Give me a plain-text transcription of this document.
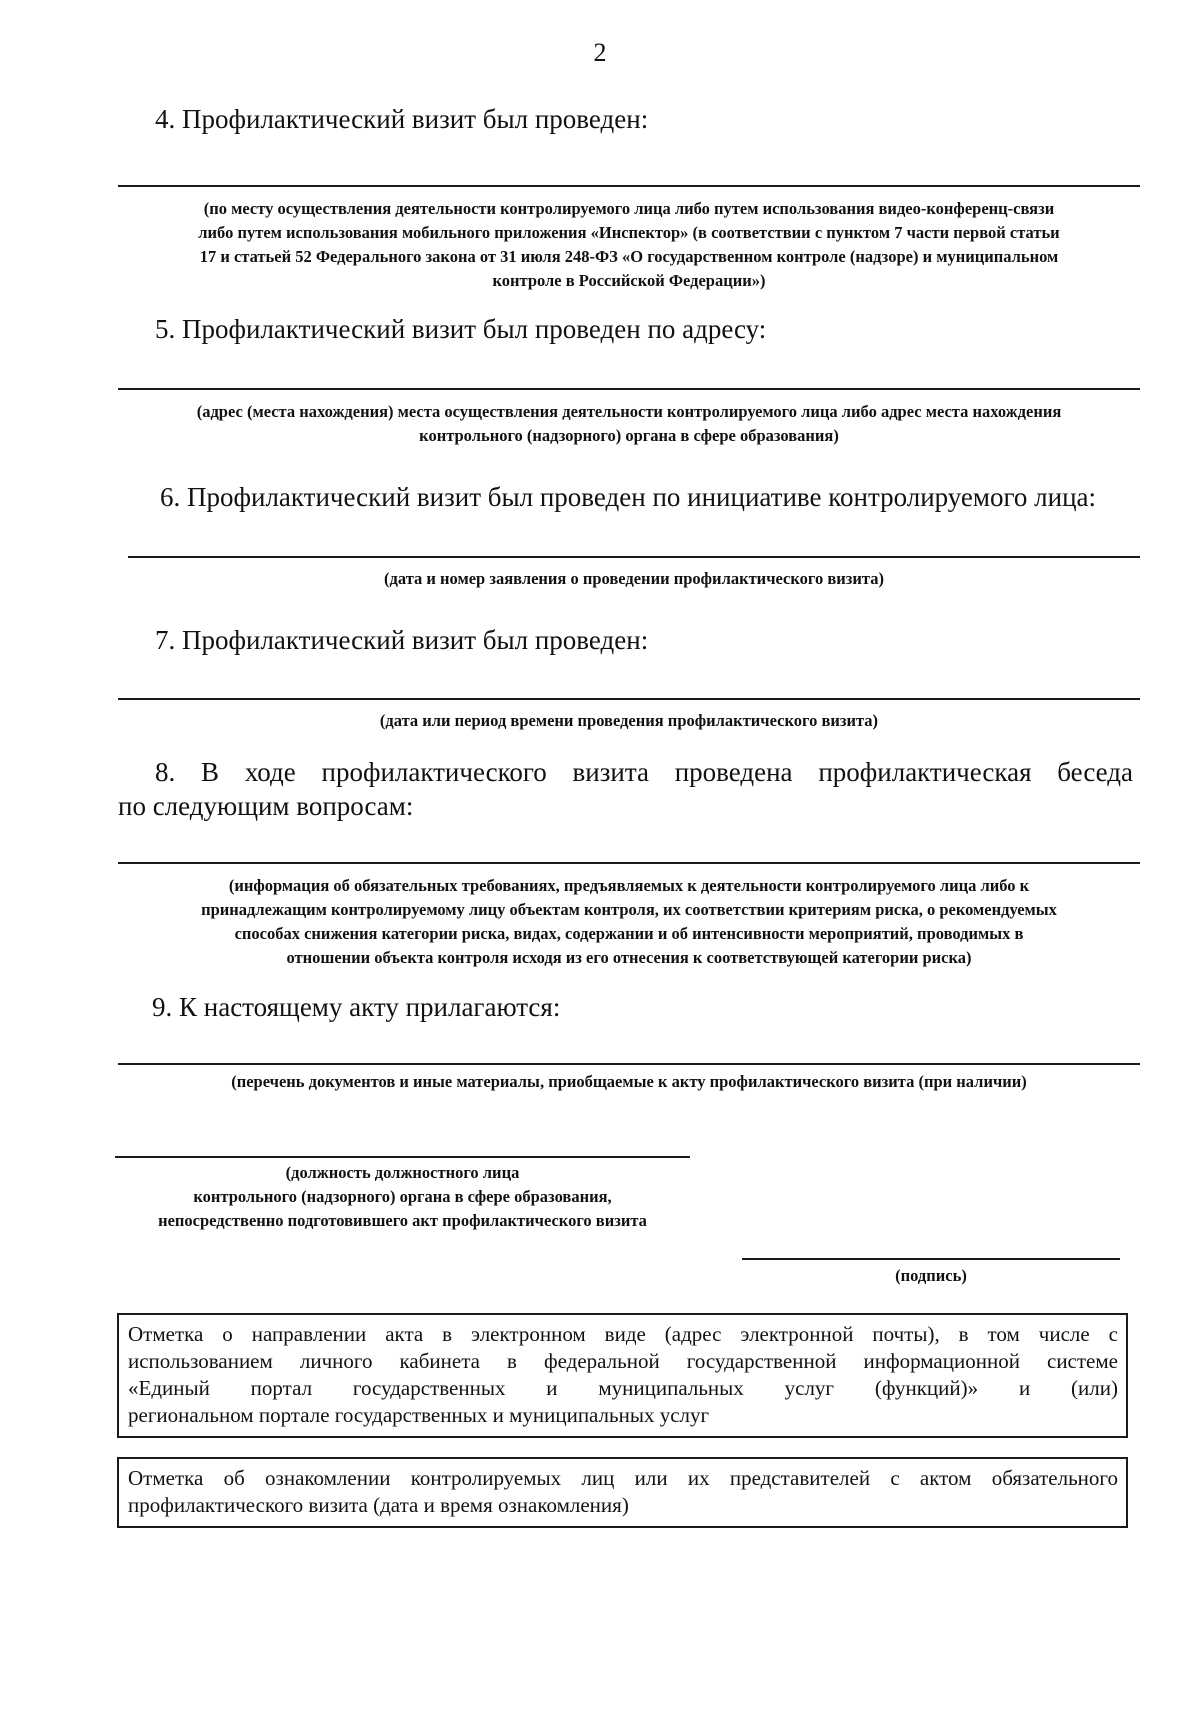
2
4. Профилактический визит был проведен:
(по месту осуществления деятельности контролируемого лица либо путем использования видео-конференц-связи
либо путем использования мобильного приложения «Инспектор» (в соответствии с пунктом 7 части первой статьи
17 и статьей 52 Федерального закона от 31 июля 248-ФЗ «О государственном контроле (надзоре) и муниципальном
контроле в Российской Федерации»)
5. Профилактический визит был проведен по адресу:
(адрес (места нахождения) места осуществления деятельности контролируемого лица либо адрес места нахождения
контрольного (надзорного) органа в сфере образования)
6. Профилактический визит был проведен по инициативе контролируемого лица:
(дата и номер заявления о проведении профилактического визита)
7. Профилактический визит был проведен:
(дата или период времени проведения профилактического визита)
8. В ходе профилактического визита проведена профилактическая беседа
по следующим вопросам:
(информация об обязательных требованиях, предъявляемых к деятельности контролируемого лица либо к
принадлежащим контролируемому лицу объектам контроля, их соответствии критериям риска, о рекомендуемых
способах снижения категории риска, видах, содержании и об интенсивности мероприятий, проводимых в
отношении объекта контроля исходя из его отнесения к соответствующей категории риска)
9. К настоящему акту прилагаются:
(перечень документов и иные материалы, приобщаемые к акту профилактического визита (при наличии)
(должность должностного лица
контрольного (надзорного) органа в сфере образования,
непосредственно подготовившего акт профилактического визита
(подпись)
Отметка о направлении акта в электронном виде (адрес электронной почты), в том числе с
использованием личного кабинета в федеральной государственной информационной системе
«Единый портал государственных и муниципальных услуг (функций)» и (или)
региональном портале государственных и муниципальных услуг
Отметка об ознакомлении контролируемых лиц или их представителей с актом обязательного
профилактического визита (дата и время ознакомления)
